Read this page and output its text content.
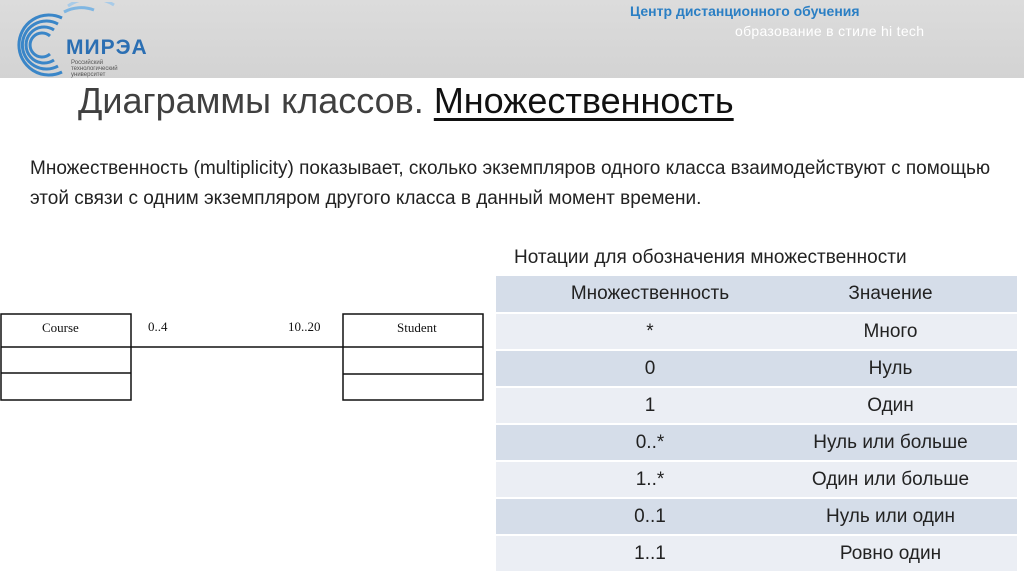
МИРЭА
Российский технологический университет
Центр дистанционного обучения
образование в стиле hi tech
Диаграммы классов. Множественность
Множественность (multiplicity) показывает, сколько экземпляров одного класса взаимодействуют с помощью этой связи с одним экземпляром другого класса в данный момент времени.
Course	0..4	10..20	Student
Нотации для обозначения множественности
Множественность	Значение
*	Много
0	Нуль
1	Один
0..*	Нуль или больше
1..*	Один или больше
0..1	Нуль или один
1..1	Ровно один
